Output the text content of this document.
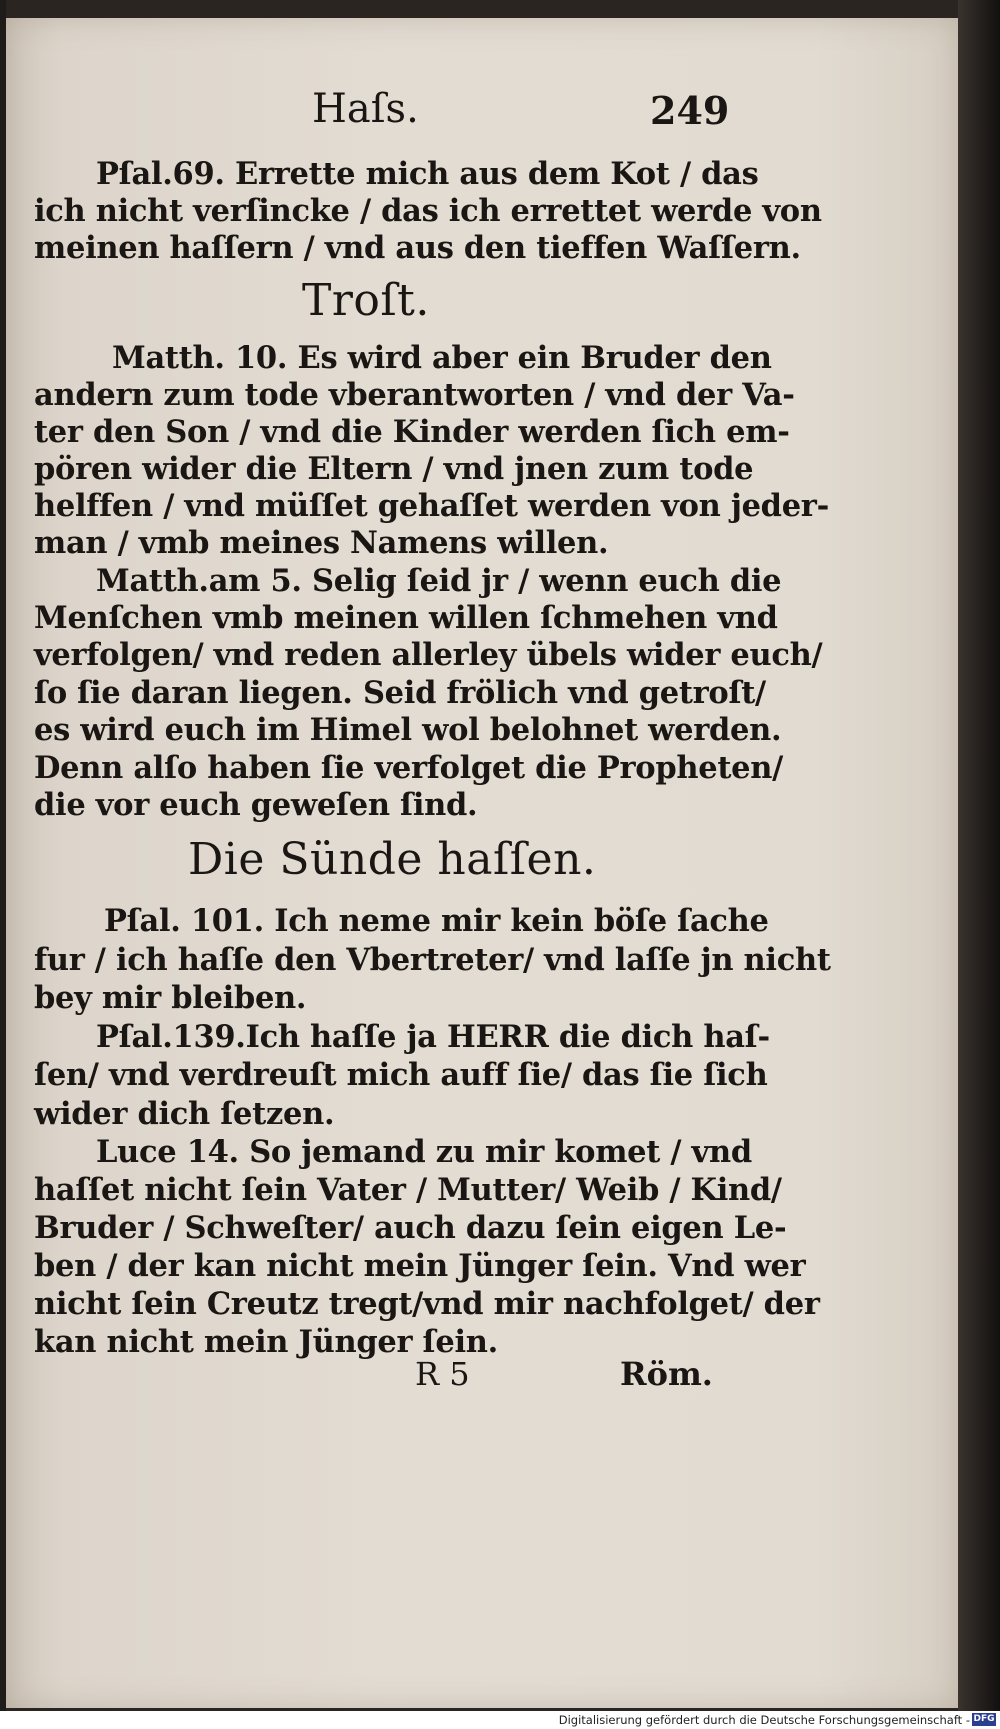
Haſs.	249
Pſal.69. Errette mich aus dem Kot / das
ich nicht verſincke / das ich errettet werde von
meinen haſſern / vnd aus den tieffen Waſſern.
Troſt.
Matth. 10. Es wird aber ein Bruder den
andern zum tode vberantworten / vnd der Va-
ter den Son / vnd die Kinder werden ſich em-
pören wider die Eltern / vnd jnen zum tode
helffen / vnd müſſet gehaſſet werden von jeder-
man / vmb meines Namens willen.
Matth.am 5. Selig ſeid jr / wenn euch die
Menſchen vmb meinen willen ſchmehen vnd
verfolgen/ vnd reden allerley übels wider euch/
ſo ſie daran liegen. Seid frölich vnd getroſt/
es wird euch im Himel wol belohnet werden.
Denn alſo haben ſie verfolget die Propheten/
die vor euch geweſen ſind.
Die Sünde haſſen.
Pſal. 101. Ich neme mir kein böſe ſache
fur / ich haſſe den Vbertreter/ vnd laſſe jn nicht
bey mir bleiben.
Pſal.139.Ich haſſe ja HERR die dich haſ-
ſen/ vnd verdreuſt mich auff ſie/ das ſie ſich
wider dich ſetzen.
Luce 14. So jemand zu mir komet / vnd
haſſet nicht ſein Vater / Mutter/ Weib / Kind/
Bruder / Schweſter/ auch dazu ſein eigen Le-
ben / der kan nicht mein Jünger ſein. Vnd wer
nicht ſein Creutz tregt/vnd mir nachfolget/ der
kan nicht mein Jünger ſein.
R 5	Röm.
Digitalisierung gefördert durch die Deutsche Forschungsgemeinschaft - DFG
